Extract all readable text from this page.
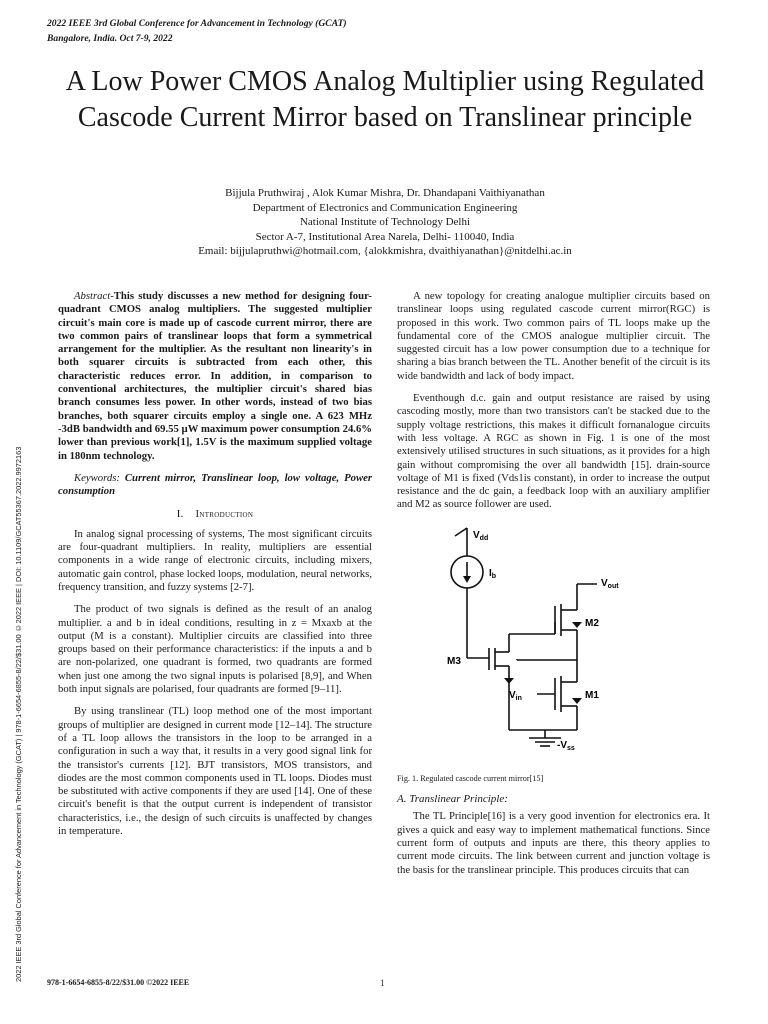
2022 IEEE 3rd Global Conference for Advancement in Technology (GCAT)
Bangalore, India. Oct 7-9, 2022
A Low Power CMOS Analog Multiplier using Regulated Cascode Current Mirror based on Translinear principle
Bijjula Pruthwiraj , Alok Kumar Mishra, Dr. Dhandapani Vaithiyanathan
Department of Electronics and Communication Engineering
National Institute of Technology Delhi
Sector A-7, Institutional Area Narela, Delhi- 110040, India
Email: bijjulapruthwi@hotmail.com, {alokkmishra, dvaithiyanathan}@nitdelhi.ac.in
2022 IEEE 3rd Global Conference for Advancement in Technology (GCAT) | 978-1-6654-6855-8/22/$31.00 ©2022 IEEE | DOI: 10.1109/GCAT55367.2022.9972163

Abstract-This study discusses a new method for designing four-quadrant CMOS analog multipliers. The suggested multiplier circuit's main core is made up of cascode current mirror, there are two common pairs of translinear loops that form a symmetrical arrangement for the multiplier. As the resultant non linearity's in both squarer circuits is subtracted from each other, this characteristic reduces error. In addition, in comparison to conventional architectures, the multiplier circuit's shared bias branch consumes less power. In other words, instead of two bias branches, both squarer circuits employ a single one. A 623 MHz -3dB bandwidth and 69.55 µW maximum power consumption 24.6% lower than previous work[1], 1.5V is the maximum supplied voltage in 180nm technology.

Keywords: Current mirror, Translinear loop, low voltage, Power consumption

I. Introduction

In analog signal processing of systems, The most significant circuits are four-quadrant multipliers. In reality, multipliers are essential components in a wide range of electronic circuits, including mixers, automatic gain control, phase locked loops, modulation, neural networks, frequency transition, and fuzzy systems [2-7].

The product of two signals is defined as the result of an analog multiplier. a and b in ideal conditions, resulting in z = Mxaxb at the output (M is a constant). Multiplier circuits are classified into three groups based on their performance characteristics: if the inputs a and b are non-polarized, one quadrant is formed, two quadrants are formed when just one among the two signal inputs is polarised [8,9], and When both input signals are polarised, four quadrants are formed [9–11].

By using translinear (TL) loop method one of the most important groups of multiplier are designed in current mode [12–14]. The structure of a TL loop allows the transistors in the loop to be arranged in a configuration in such a way that, it results in a very good signal link for the transistor's currents [12]. BJT transistors, MOS transistors, and diodes are the most common components used in TL loops. Diodes must be substituted with active components if they are used [14]. One of these circuit's benefit is that the output current is independent of transistor characteristics, i.e., the design of such circuits is unaffected by changes in temperature.

A new topology for creating analogue multiplier circuits based on translinear loops using regulated cascode current mirror(RGC) is proposed in this work. Two common pairs of TL loops make up the fundamental core of the CMOS analogue multiplier circuit. The suggested circuit has a low power consumption due to a technique for sharing a bias branch between the TL. Another benefit of the circuit is its wide bandwidth and lack of body impact.

Eventhough d.c. gain and output resistance are raised by using cascoding mostly, more than two transistors can't be stacked due to the supply voltage restrictions, this makes it difficult fornanalogue circuits with less voltage. A RGC as shown in Fig. 1 is one of the most extensively utilised structures in such situations, as it provides for a high gain without compromising the over all bandwidth [15]. drain-source voltage of M1 is fixed (Vds1is constant), in order to increase the output resistance and the dc gain, a feedback loop with an auxiliary amplifier and M2 as source follower are used.

$V_{dd}$
$I_b$
$V_{out}$
M2
M3
$V_{in}$	M1
$-V_{ss}$
Fig. 1. Regulated cascode current mirror[15]
A. Translinear Principle:

The TL Principle[16] is a very good invention for electronics era. It gives a quick and easy way to implement mathematical functions. Since current form of outputs and inputs are there, this theory applies to current mode circuits. The link between current and junction voltage is the basis for the translinear principle. This produces circuits that can

978-1-6654-6855-8/22/$31.00 ©2022 IEEE	1
